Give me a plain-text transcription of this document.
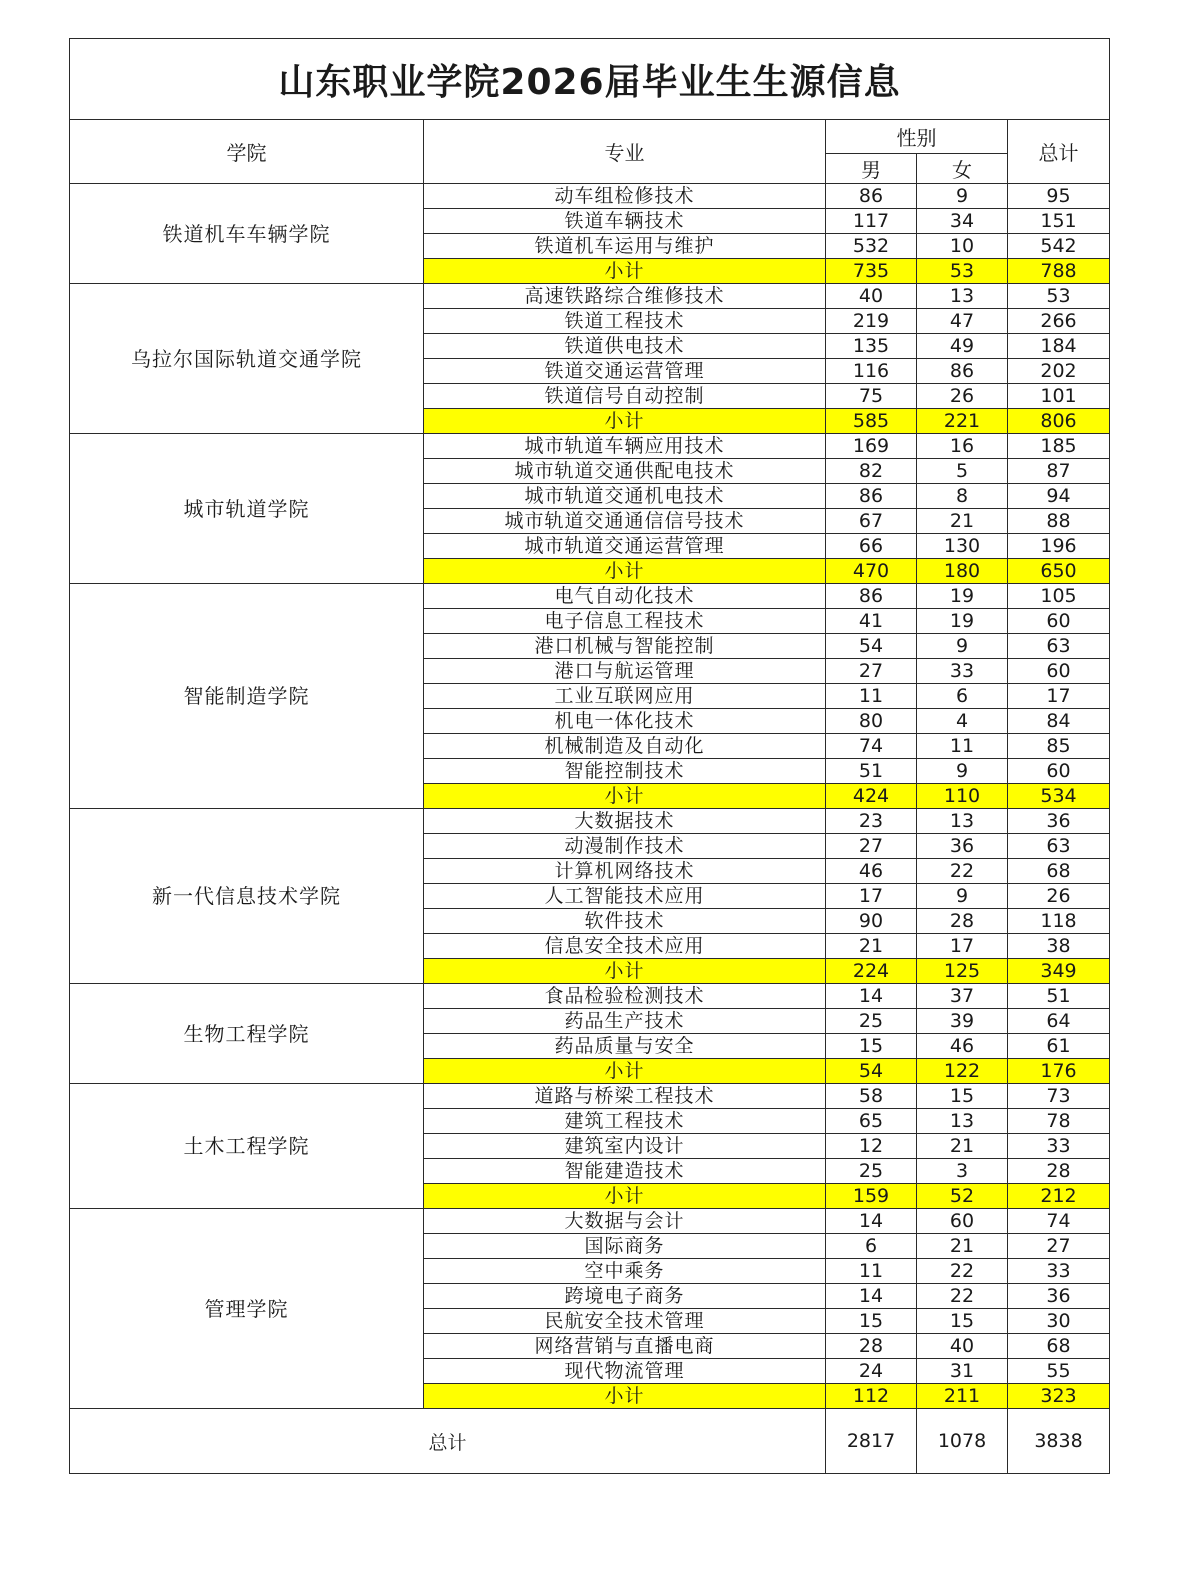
山东职业学院2026届毕业生生源信息				
学院	专业	性别		总计
		男	女	
铁道机车车辆学院	动车组检修技术	86	9	95
	铁道车辆技术	117	34	151
	铁道机车运用与维护	532	10	542
	小计	735	53	788
乌拉尔国际轨道交通学院	高速铁路综合维修技术	40	13	53
	铁道工程技术	219	47	266
	铁道供电技术	135	49	184
	铁道交通运营管理	116	86	202
	铁道信号自动控制	75	26	101
	小计	585	221	806
城市轨道学院	城市轨道车辆应用技术	169	16	185
	城市轨道交通供配电技术	82	5	87
	城市轨道交通机电技术	86	8	94
	城市轨道交通通信信号技术	67	21	88
	城市轨道交通运营管理	66	130	196
	小计	470	180	650
智能制造学院	电气自动化技术	86	19	105
	电子信息工程技术	41	19	60
	港口机械与智能控制	54	9	63
	港口与航运管理	27	33	60
	工业互联网应用	11	6	17
	机电一体化技术	80	4	84
	机械制造及自动化	74	11	85
	智能控制技术	51	9	60
	小计	424	110	534
新一代信息技术学院	大数据技术	23	13	36
	动漫制作技术	27	36	63
	计算机网络技术	46	22	68
	人工智能技术应用	17	9	26
	软件技术	90	28	118
	信息安全技术应用	21	17	38
	小计	224	125	349
生物工程学院	食品检验检测技术	14	37	51
	药品生产技术	25	39	64
	药品质量与安全	15	46	61
	小计	54	122	176
土木工程学院	道路与桥梁工程技术	58	15	73
	建筑工程技术	65	13	78
	建筑室内设计	12	21	33
	智能建造技术	25	3	28
	小计	159	52	212
管理学院	大数据与会计	14	60	74
	国际商务	6	21	27
	空中乘务	11	22	33
	跨境电子商务	14	22	36
	民航安全技术管理	15	15	30
	网络营销与直播电商	28	40	68
	现代物流管理	24	31	55
	小计	112	211	323
总计		2817	1078	3838
